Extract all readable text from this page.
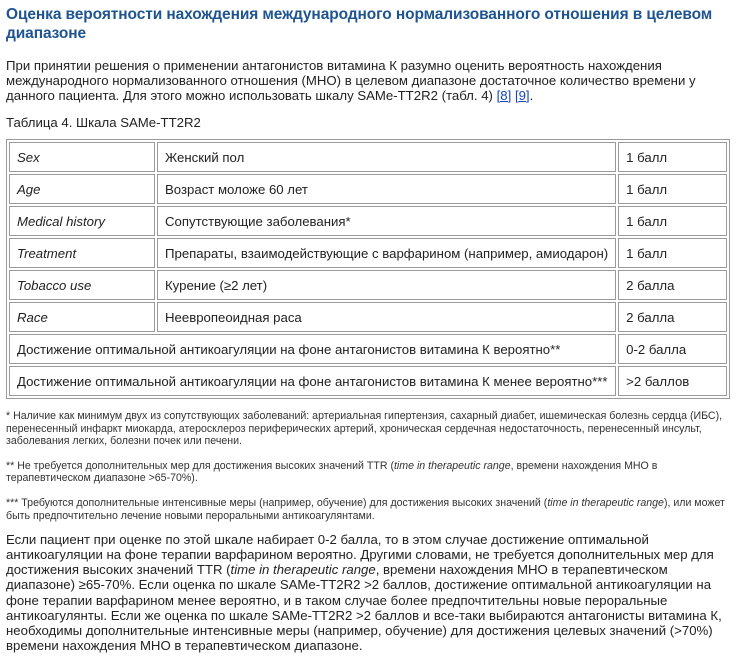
Оценка вероятности нахождения международного нормализованного отношения в целевом диапазоне

При принятии решения о применении антагонистов витамина К разумно оценить вероятность нахождения международного нормализованного отношения (МНО) в целевом диапазоне достаточное количество времени у данного пациента. Для этого можно использовать шкалу SAMe-TT2R2 (табл. 4) [8] [9].

Таблица 4. Шкала SAMe-TT2R2
Sex	Женский пол	1 балл
Age	Возраст моложе 60 лет	1 балл
Medical history	Сопутствующие заболевания*	1 балл
Treatment	Препараты, взаимодействующие с варфарином (например, амиодарон)	1 балл
Tobacco use	Курение (≥2 лет)	2 балла
Race	Неевропеоидная раса	2 балла
Достижение оптимальной антикоагуляции на фоне антагонистов витамина К вероятно**		0-2 балла
Достижение оптимальной антикоагуляции на фоне антагонистов витамина К менее вероятно***		>2 баллов

* Наличие как минимум двух из сопутствующих заболеваний: артериальная гипертензия, сахарный диабет, ишемическая болезнь сердца (ИБС), перенесенный инфаркт миокарда, атеросклероз периферических артерий, хроническая сердечная недостаточность, перенесенный инсульт, заболевания легких, болезни почек или печени.

** Не требуется дополнительных мер для достижения высоких значений TTR (time in therapeutic range, времени нахождения МНО в терапевтическом диапазоне >65-70%).

*** Требуются дополнительные интенсивные меры (например, обучение) для достижения высоких значений (time in therapeutic range), или может быть предпочтительно лечение новыми пероральными антикоагулянтами.

Если пациент при оценке по этой шкале набирает 0-2 балла, то в этом случае достижение оптимальной антикоагуляции на фоне терапии варфарином вероятно. Другими словами, не требуется дополнительных мер для достижения высоких значений TTR (time in therapeutic range, времени нахождения МНО в терапевтическом диапазоне) ≥65-70%. Если оценка по шкале SAMe-TT2R2 >2 баллов, достижение оптимальной антикоагуляции на фоне терапии варфарином менее вероятно, и в таком случае более предпочтительны новые пероральные антикоагулянты. Если же оценка по шкале SAMe-TT2R2 >2 баллов и все-таки выбираются антагонисты витамина К, необходимы дополнительные интенсивные меры (например, обучение) для достижения целевых значений (>70%) времени нахождения МНО в терапевтическом диапазоне.
